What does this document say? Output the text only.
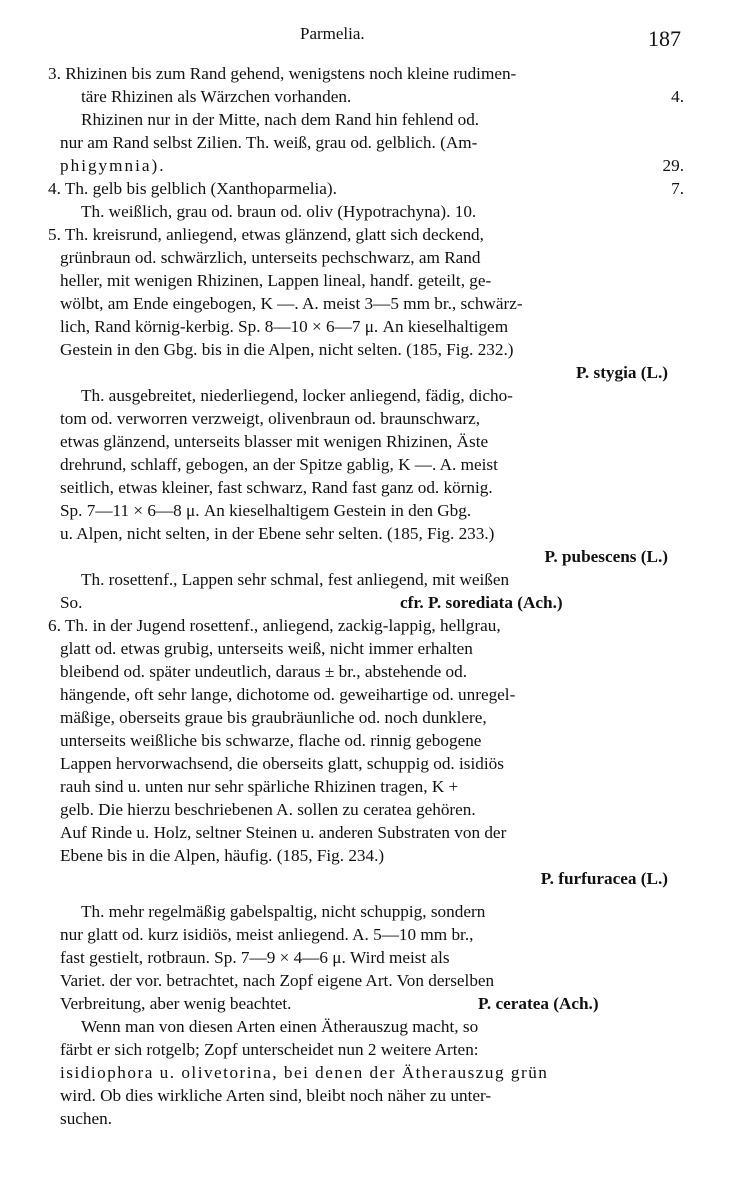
Parmelia.	187
3. Rhizinen bis zum Rand gehend, wenigstens noch kleine rudimen-
täre Rhizinen als Wärzchen vorhanden.	4.
Rhizinen nur in der Mitte, nach dem Rand hin fehlend od.
nur am Rand selbst Zilien. Th. weiß, grau od. gelblich. (Am-
phigymnia).	29.
4. Th. gelb bis gelblich (Xanthoparmelia).	7.
Th. weißlich, grau od. braun od. oliv (Hypotrachyna). 10.
5. Th. kreisrund, anliegend, etwas glänzend, glatt sich deckend,
grünbraun od. schwärzlich, unterseits pechschwarz, am Rand
heller, mit wenigen Rhizinen, Lappen lineal, handf. geteilt, ge-
wölbt, am Ende eingebogen, K —. A. meist 3—5 mm br., schwärz-
lich, Rand körnig-kerbig. Sp. 8—10 × 6—7 μ. An kieselhaltigem
Gestein in den Gbg. bis in die Alpen, nicht selten. (185, Fig. 232.)
P. stygia (L.)
Th. ausgebreitet, niederliegend, locker anliegend, fädig, dicho-
tom od. verworren verzweigt, olivenbraun od. braunschwarz,
etwas glänzend, unterseits blasser mit wenigen Rhizinen, Äste
drehrund, schlaff, gebogen, an der Spitze gablig, K —. A. meist
seitlich, etwas kleiner, fast schwarz, Rand fast ganz od. körnig.
Sp. 7—11 × 6—8 μ. An kieselhaltigem Gestein in den Gbg.
u. Alpen, nicht selten, in der Ebene sehr selten. (185, Fig. 233.)
P. pubescens (L.)
Th. rosettenf., Lappen sehr schmal, fest anliegend, mit weißen
So.	cfr. P. sorediata (Ach.)
6. Th. in der Jugend rosettenf., anliegend, zackig-lappig, hellgrau,
glatt od. etwas grubig, unterseits weiß, nicht immer erhalten
bleibend od. später undeutlich, daraus ± br., abstehende od.
hängende, oft sehr lange, dichotome od. geweihartige od. unregel-
mäßige, oberseits graue bis graubräunliche od. noch dunklere,
unterseits weißliche bis schwarze, flache od. rinnig gebogene
Lappen hervorwachsend, die oberseits glatt, schuppig od. isidiös
rauh sind u. unten nur sehr spärliche Rhizinen tragen, K +
gelb. Die hierzu beschriebenen A. sollen zu ceratea gehören.
Auf Rinde u. Holz, seltner Steinen u. anderen Substraten von der
Ebene bis in die Alpen, häufig. (185, Fig. 234.)
P. furfuracea (L.)
Th. mehr regelmäßig gabelspaltig, nicht schuppig, sondern
nur glatt od. kurz isidiös, meist anliegend. A. 5—10 mm br.,
fast gestielt, rotbraun. Sp. 7—9 × 4—6 μ. Wird meist als
Variet. der vor. betrachtet, nach Zopf eigene Art. Von derselben
Verbreitung, aber wenig beachtet.	P. ceratea (Ach.)
Wenn man von diesen Arten einen Ätherauszug macht, so
färbt er sich rotgelb; Zopf unterscheidet nun 2 weitere Arten:
isidiophora u. olivetorina, bei denen der Ätherauszug grün
wird. Ob dies wirkliche Arten sind, bleibt noch näher zu unter-
suchen.
